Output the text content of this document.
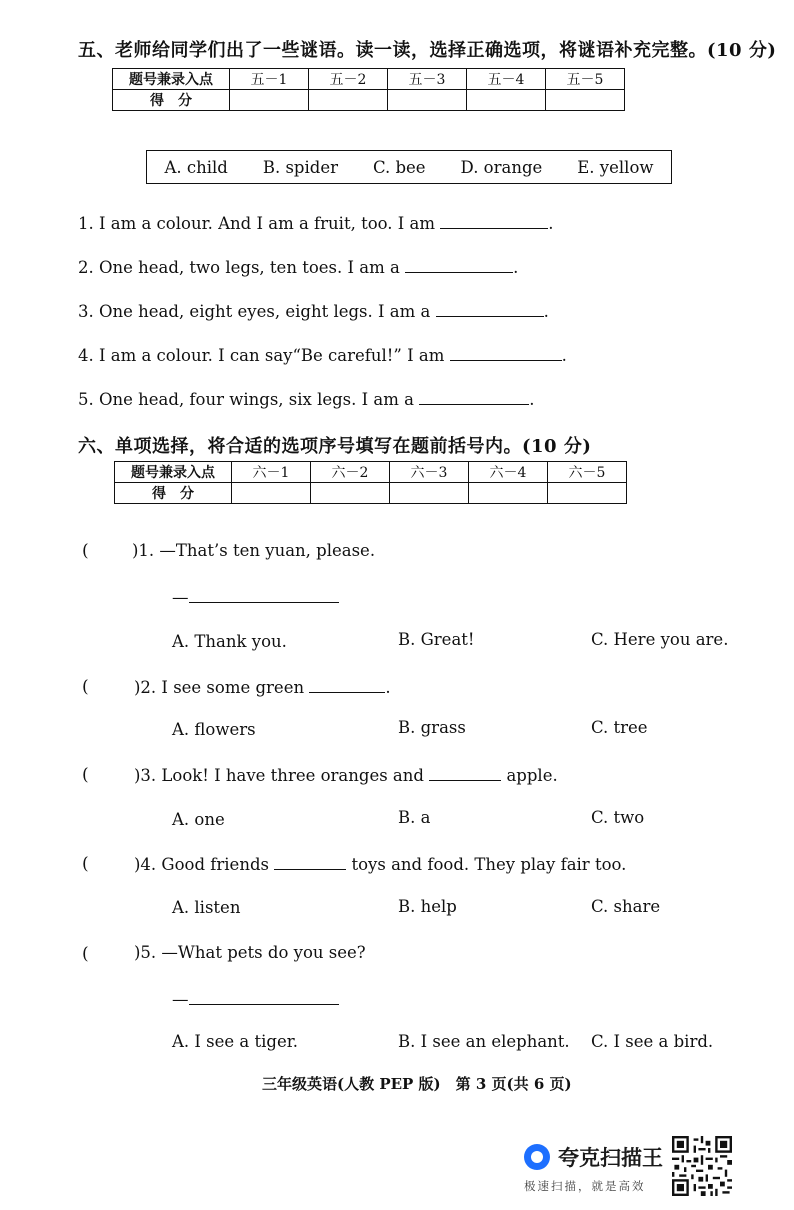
五、老师给同学们出了一些谜语。读一读，选择正确选项，将谜语补充完整。(10 分)
题号兼录入点	五－1	五－2	五－3	五－4	五－5
得　分					
A. child B. spider C. bee D. orange E. yellow
1. I am a colour. And I am a fruit, too. I am	.
2. One head, two legs, ten toes. I am a	.
3. One head, eight eyes, eight legs. I am a	.
4. I am a colour. I can say“Be careful!” I am	.
5. One head, four wings, six legs. I am a	.
六、单项选择，将合适的选项序号填写在题前括号内。(10 分)
题号兼录入点	六－1	六－2	六－3	六－4	六－5
得　分					
(	)1. —That’s ten yuan, please.
—
A. Thank you.	B. Great!	C. Here you are.
(	)2. I see some green	.
A. flowers	B. grass	C. tree
(	)3. Look! I have three oranges and	apple.
A. one	B. a	C. two
(	)4. Good friends	toys and food. They play fair too.
A. listen	B. help	C. share
(	)5. —What pets do you see?
—
A. I see a tiger.	B. I see an elephant. C. I see a bird.
三年级英语(人教 PEP 版)　第 3 页(共 6 页)
夸克扫描王
极速扫描，就是高效
